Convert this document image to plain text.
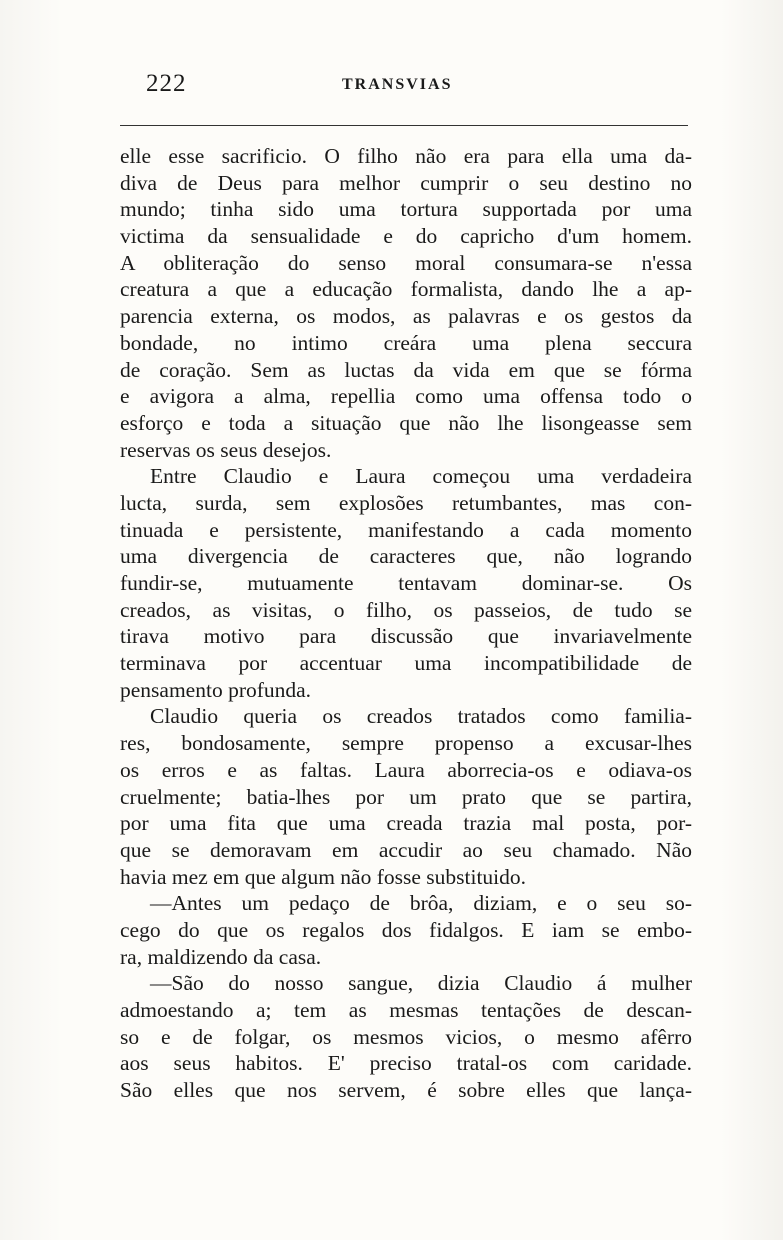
222	TRANSVIAS
elle esse sacrificio. O filho não era para ella uma da-
diva de Deus para melhor cumprir o seu destino no
mundo; tinha sido uma tortura supportada por uma
victima da sensualidade e do capricho d'um homem.
A obliteração do senso moral consumara-se n'essa
creatura a que a educação formalista, dando lhe a ap-
parencia externa, os modos, as palavras e os gestos da
bondade, no intimo creára uma plena seccura
de coração. Sem as luctas da vida em que se fórma
e avigora a alma, repellia como uma offensa todo o
esforço e toda a situação que não lhe lisongeasse sem
reservas os seus desejos.
Entre Claudio e Laura começou uma verdadeira
lucta, surda, sem explosões retumbantes, mas con-
tinuada e persistente, manifestando a cada momento
uma divergencia de caracteres que, não logrando
fundir-se, mutuamente tentavam dominar-se. Os
creados, as visitas, o filho, os passeios, de tudo se
tirava motivo para discussão que invariavelmente
terminava por accentuar uma incompatibilidade de
pensamento profunda.
Claudio queria os creados tratados como familia-
res, bondosamente, sempre propenso a excusar-lhes
os erros e as faltas. Laura aborrecia-os e odiava-os
cruelmente; batia-lhes por um prato que se partira,
por uma fita que uma creada trazia mal posta, por-
que se demoravam em accudir ao seu chamado. Não
havia mez em que algum não fosse substituido.
—Antes um pedaço de brôa, diziam, e o seu so-
cego do que os regalos dos fidalgos. E iam se embo-
ra, maldizendo da casa.
—São do nosso sangue, dizia Claudio á mulher
admoestando a; tem as mesmas tentações de descan-
so e de folgar, os mesmos vicios, o mesmo afêrro
aos seus habitos. E' preciso tratal-os com caridade.
São elles que nos servem, é sobre elles que lança-
